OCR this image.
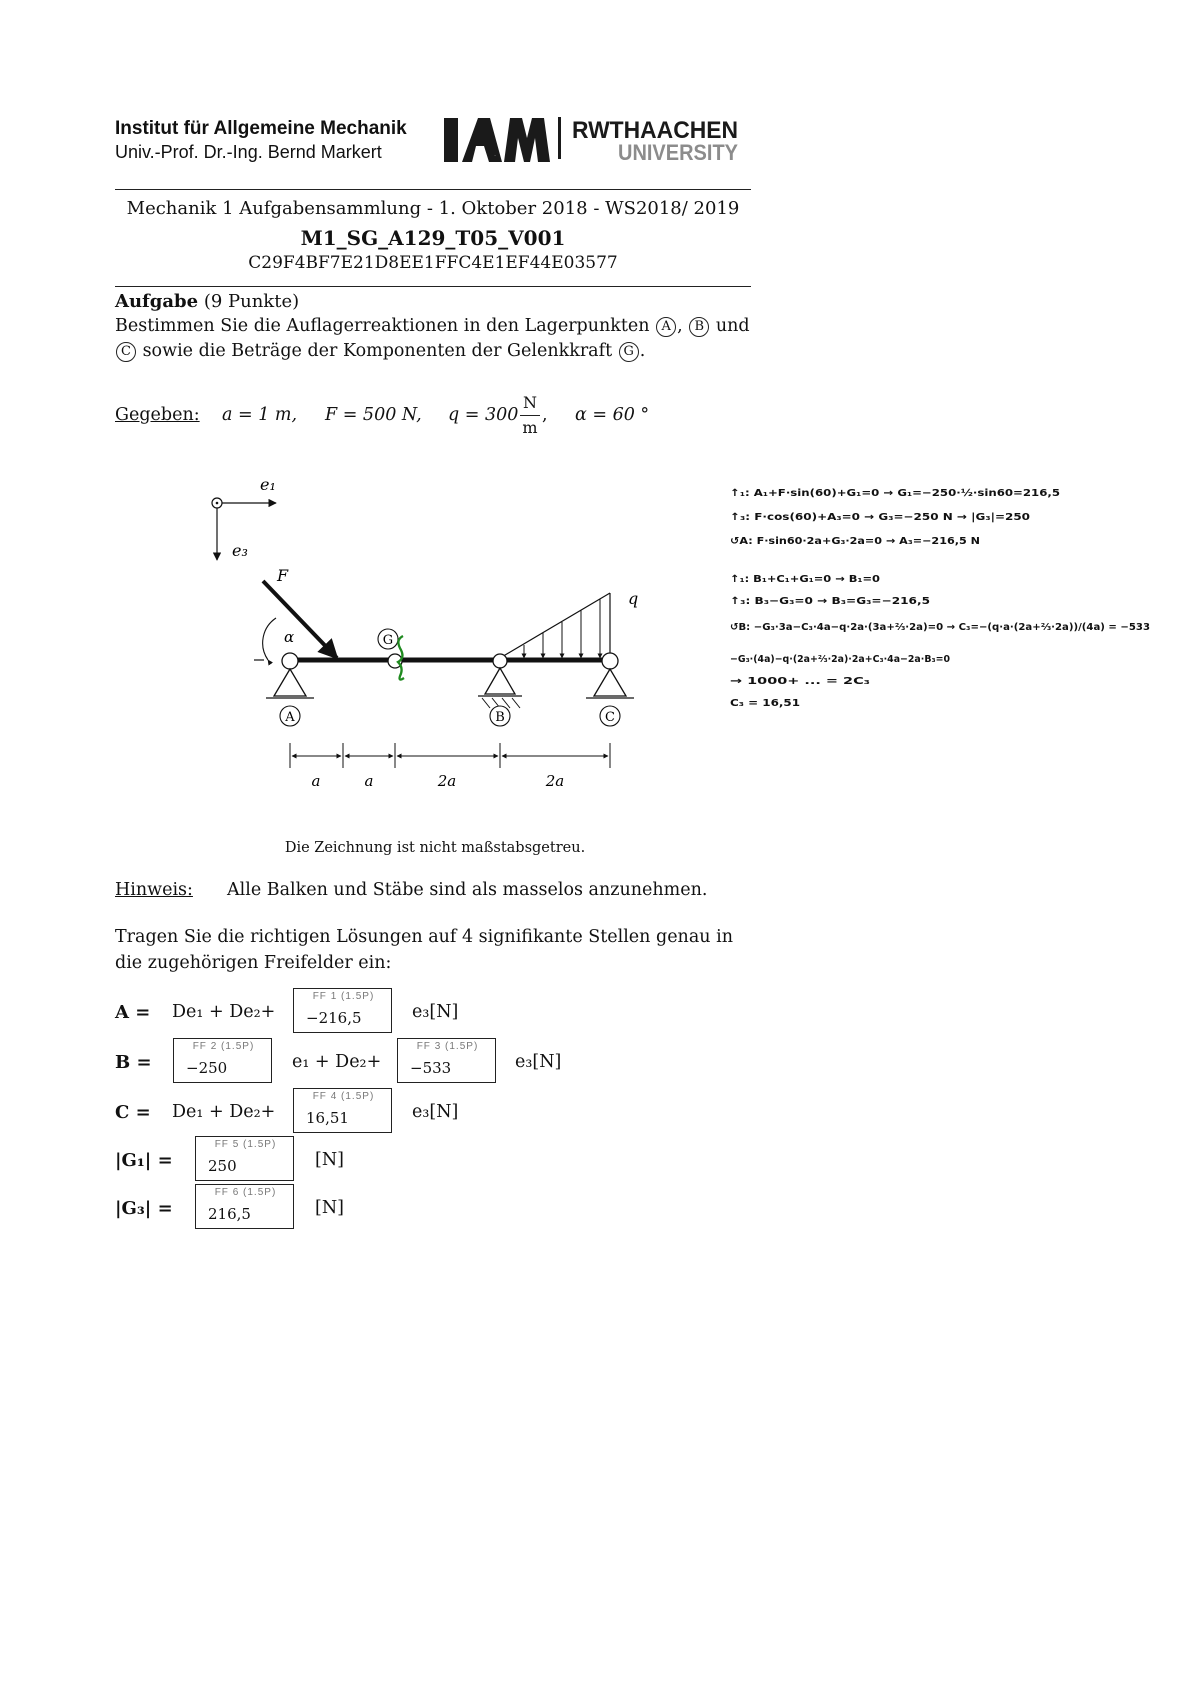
Institut für Allgemeine Mechanik
Univ.-Prof. Dr.-Ing. Bernd Markert	IAM
RWTHAACHEN
UNIVERSITY
Mechanik 1 Aufgabensammlung - 1. Oktober 2018 - WS2018/ 2019
M1_SG_A129_T05_V001
C29F4BF7E21D8EE1FFC4E1EF44E03577
Aufgabe (9 Punkte)
Bestimmen Sie die Auflagerreaktionen in den Lagerpunkten A , B und
C sowie die Beträge der Komponenten der Gelenkkraft G .
Gegeben: a = 1 m, F = 500 N, q = 300
N
m
, α = 60 °
e₁
e₃
F
α
A
G
q
B	C
a	a	2a	2a
Die Zeichnung ist nicht maßstabsgetreu.
↑₁: A₁+F·sin(60)+G₁=0 → G₁=−250·½·sin60=216,5
↑₃: F·cos(60)+A₃=0 → G₃=−250 N → |G₃|=250
↺A: F·sin60·2a+G₃·2a=0 → A₃=−216,5 N
↑₁: B₁+C₁+G₁=0 → B₁=0
↑₃: B₃−G₃=0 → B₃=G₃=−216,5
↺B: −G₃·3a−C₃·4a−q·2a·(3a+⅔·2a)=0 → C₃=−(q·a·(2a+⅔·2a))/(4a) = −533
−G₃·(4a)−q·(2a+⅔·2a)·2a+C₃·4a−2a·B₃=0
→ 1000+ ... = 2C₃
C₃ = 16,51
Hinweis: Alle Balken und Stäbe sind als masselos anzunehmen.
Tragen Sie die richtigen Lösungen auf 4 signifikante Stellen genau in die zugehörigen Freifelder ein:
A = De₁ + De₂+
FF 1 (1.5P)
−216,5	e₃[N]
B =
FF 2 (1.5P)
−250	e₁ + De₂+
FF 3 (1.5P)
−533	e₃[N]
C = De₁ + De₂+
FF 4 (1.5P)
16,51	e₃[N]
|G₁| =
FF 5 (1.5P)
250	[N]
|G₃| =
FF 6 (1.5P)
216,5	[N]
